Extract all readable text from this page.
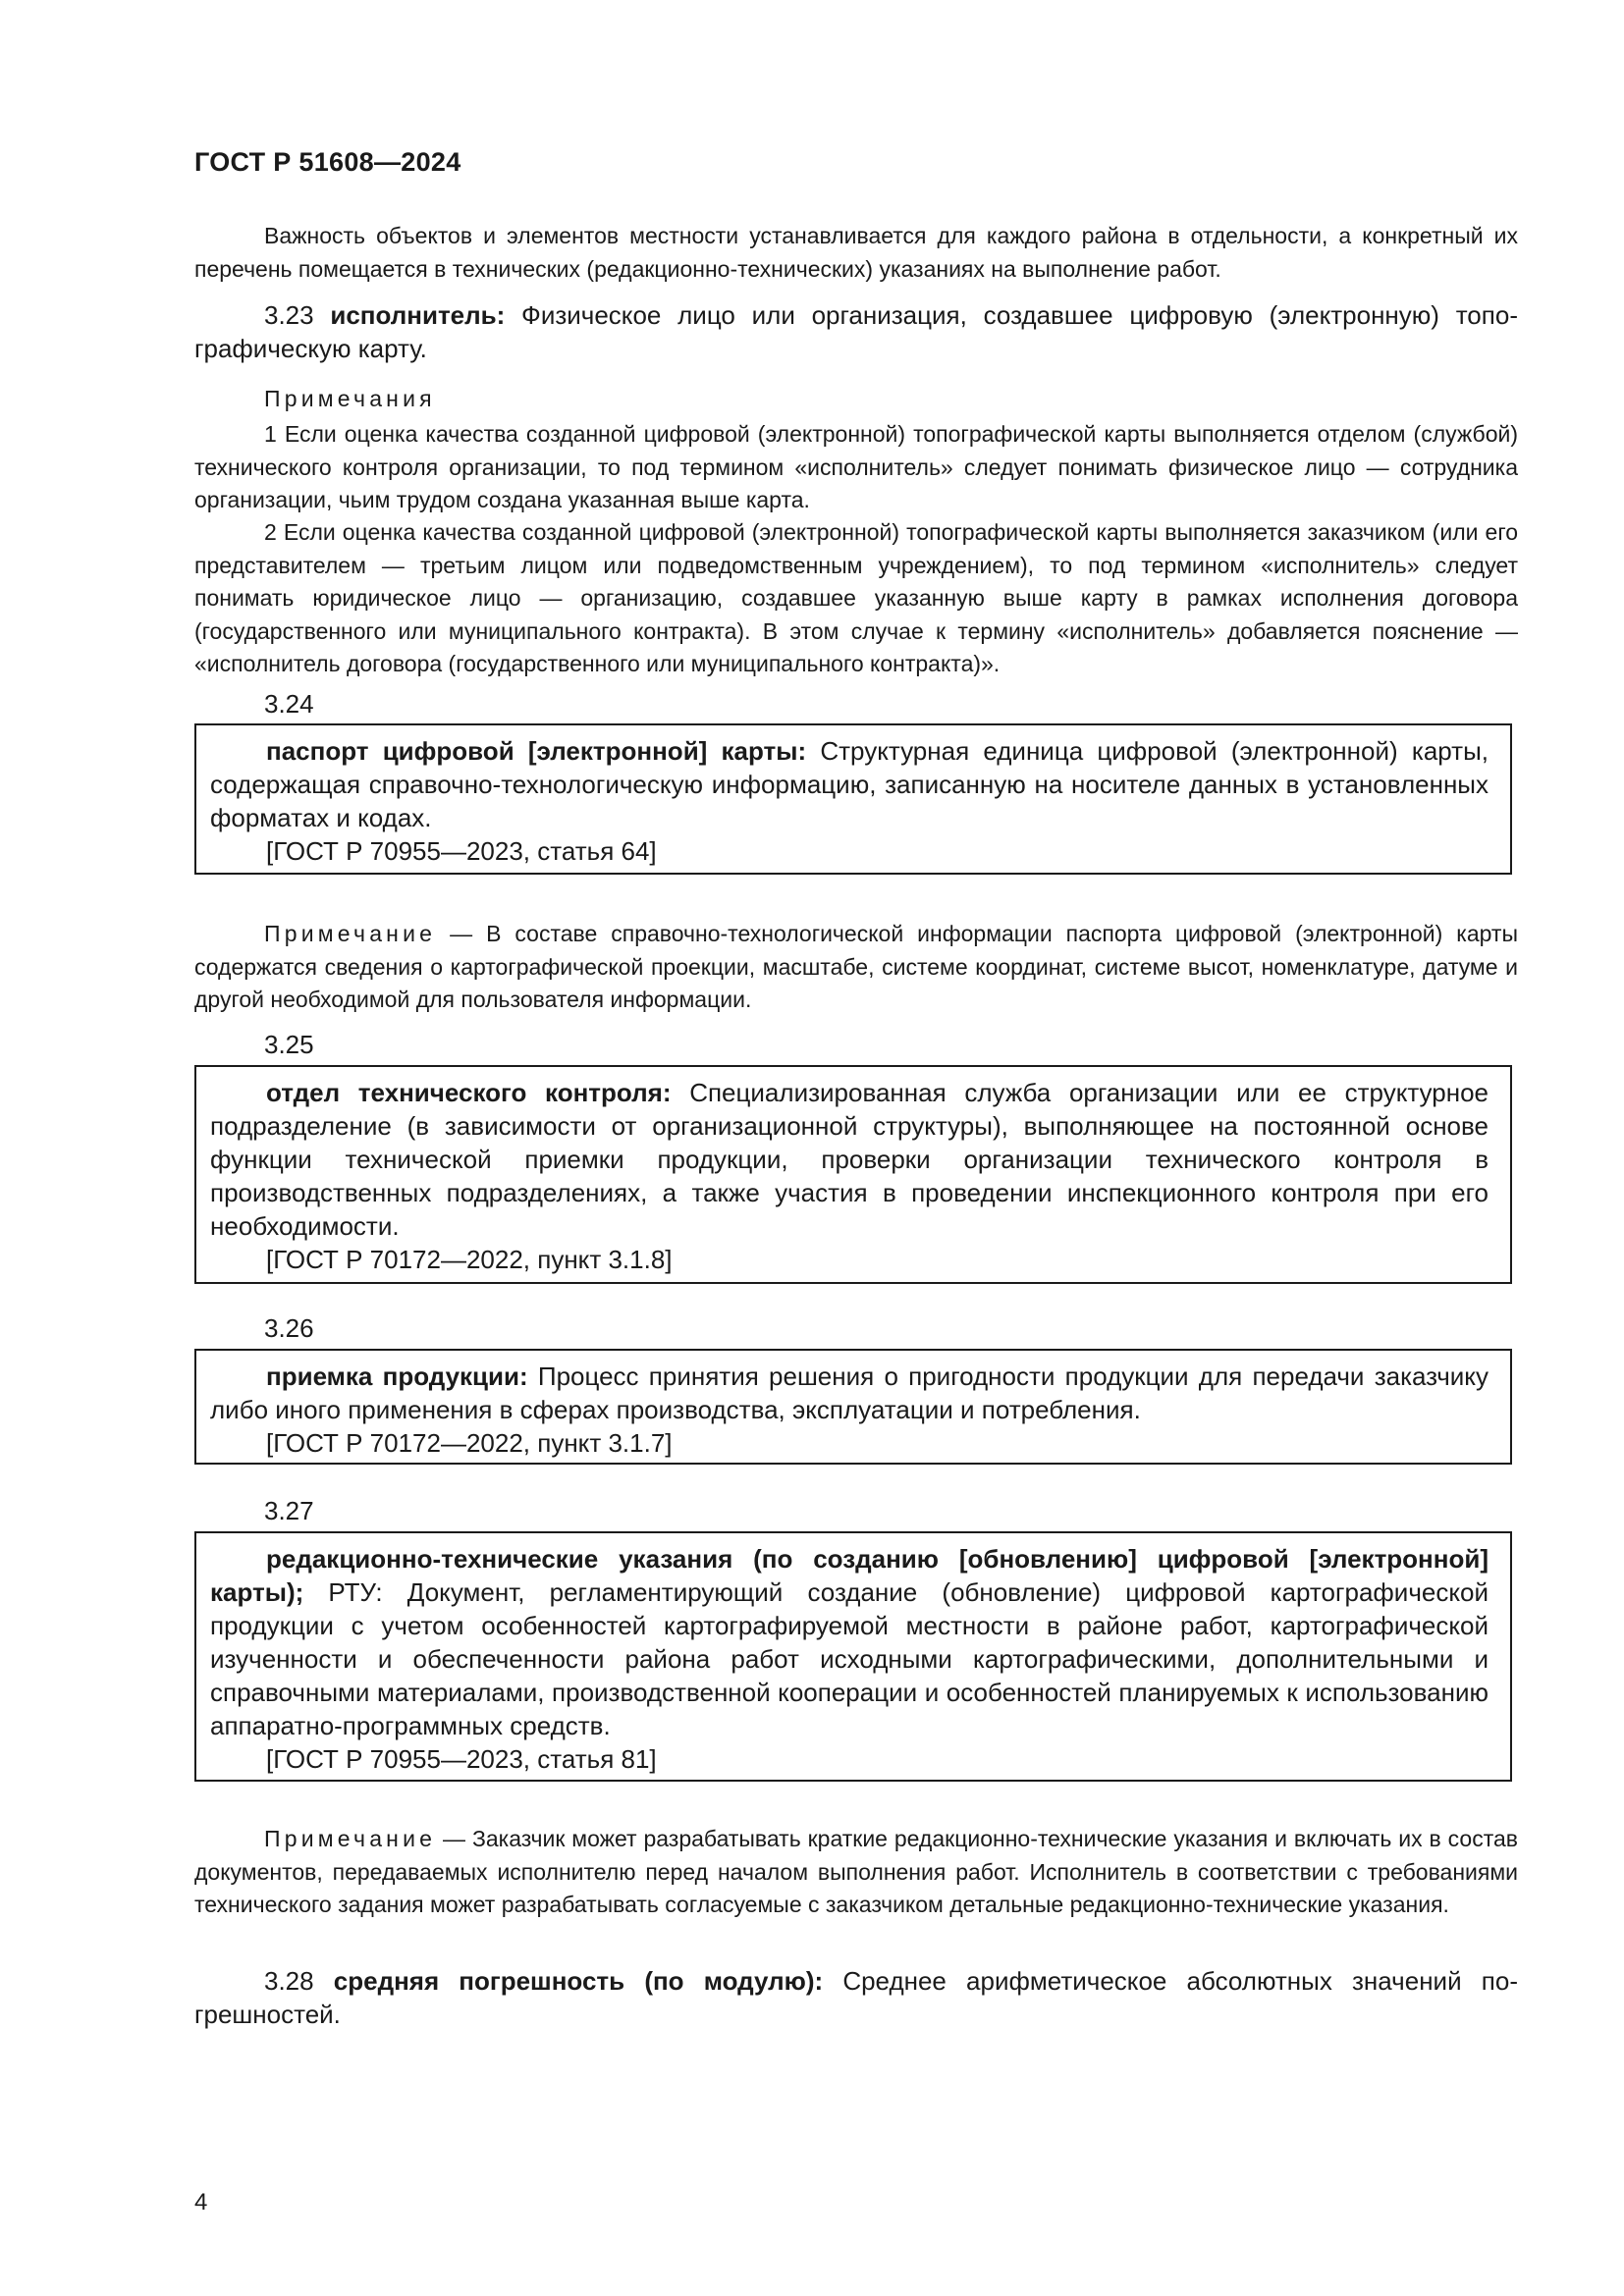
ГОСТ Р 51608—2024

Важность объектов и элементов местности устанавливается для каждого района в отдельности, а конкретный их перечень помещается в технических (редакционно-технических) указаниях на выполнение работ.

3.23 исполнитель: Физическое лицо или организация, создавшее цифровую (электронную) топографическую карту.

Примечания

1 Если оценка качества созданной цифровой (электронной) топографической карты выполняется отделом (службой) технического контроля организации, то под термином «исполнитель» следует понимать физическое лицо — сотрудника организации, чьим трудом создана указанная выше карта.

2 Если оценка качества созданной цифровой (электронной) топографической карты выполняется заказчиком (или его представителем — третьим лицом или подведомственным учреждением), то под термином «исполнитель» следует понимать юридическое лицо — организацию, создавшее указанную выше карту в рамках исполнения договора (государственного или муниципального контракта). В этом случае к термину «исполнитель» добавляется пояснение — «исполнитель договора (государственного или муниципального контракта)».

3.24

паспорт цифровой [электронной] карты: Структурная единица цифровой (электронной) карты, содержащая справочно-технологическую информацию, записанную на носителе данных в установленных форматах и кодах.

[ГОСТ Р 70955—2023, статья 64]

Примечание — В составе справочно-технологической информации паспорта цифровой (электронной) карты содержатся сведения о картографической проекции, масштабе, системе координат, системе высот, номенклатуре, датуме и другой необходимой для пользователя информации.

3.25

отдел технического контроля: Специализированная служба организации или ее структурное подразделение (в зависимости от организационной структуры), выполняющее на постоянной основе функции технической приемки продукции, проверки организации технического контроля в производственных подразделениях, а также участия в проведении инспекционного контроля при его необходимости.

[ГОСТ Р 70172—2022, пункт 3.1.8]

3.26

приемка продукции: Процесс принятия решения о пригодности продукции для передачи заказчику либо иного применения в сферах производства, эксплуатации и потребления.

[ГОСТ Р 70172—2022, пункт 3.1.7]

3.27

редакционно-технические указания (по созданию [обновлению] цифровой [электронной] карты); РТУ: Документ, регламентирующий создание (обновление) цифровой картографической продукции с учетом особенностей картографируемой местности в районе работ, картографической изученности и обеспеченности района работ исходными картографическими, дополнительными и справочными материалами, производственной кооперации и особенностей планируемых к использованию аппаратно-программных средств.

[ГОСТ Р 70955—2023, статья 81]

Примечание — Заказчик может разрабатывать краткие редакционно-технические указания и включать их в состав документов, передаваемых исполнителю перед началом выполнения работ. Исполнитель в соответствии с требованиями технического задания может разрабатывать согласуемые с заказчиком детальные редакционно-технические указания.

3.28 средняя погрешность (по модулю): Среднее арифметическое абсолютных значений погрешностей.

4
